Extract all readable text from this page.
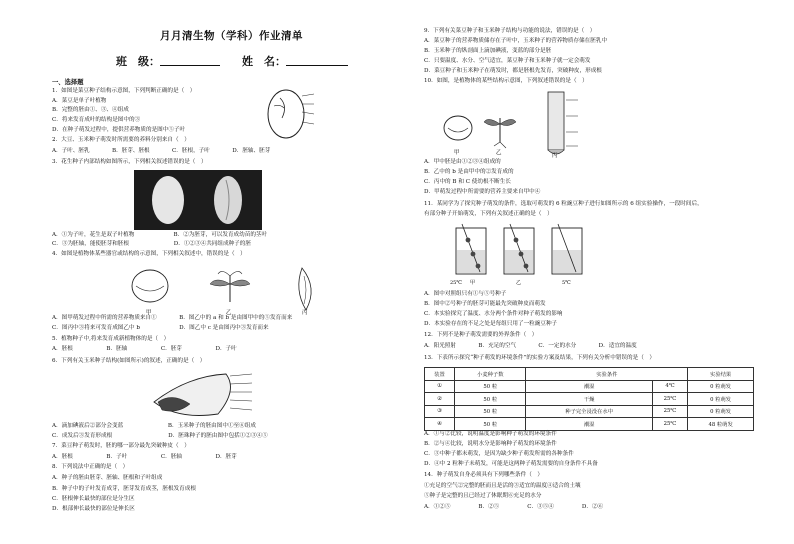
月月清生物（学科）作业清单
班　级：	姓　名：
一、选择题
1．如图是菜豆种子结构示意图，下列判断正确的是（　）
A．菜豆是单子叶植物
B．完整的胚由①、③、④组成
C．将来发育成叶的结构是图中的③
D．在种子萌发过程中，提供营养物质的是图中⑤子叶
2．大豆、玉米种子萌发时所需要的养料分别来自（　）
A．子叶、胚乳　　　　B．胚芽、胚根　　　　C．胚根，子叶　　　　D．胚轴、胚芽
3．花生种子内部结构如图所示，下列相关叙述错误的是（　）
A．①为子叶，花生是双子叶植物　　　　　　　B．②为胚芽，可以发育成幼苗的茎叶
C．③为胚轴，能使胚芽和胚根　　　　　　　　D．①②③④共同组成种子的胚
4．如图是植物体某些器官或结构的示意图，下列相关叙述中，错误的是（　）
A．图甲萌发过程中所需的营养物质来自①　　　　B．图乙中的 a 和 b 是由图甲中的⑤发育而来
C．图丙中③将来可发育成图乙中 b　　　　　　　D．图乙中 c 是由图丙中③发育而来
5．植物种子中,将来发育成新植物体的是（　）
A．胚根　　　　　　B．胚轴　　　　　　C．胚芽　　　　　　D．子叶
6．下列有关玉米种子结构(如图所示)的叙述，正确的是（　）
A．滴加碘液后②部分会变蓝　　　　　　　　B．玉米种子的胚由图中①至⑥组成
C．成发后③发育形成根　　　　　　　　　　D．胚珠种子的胚由图中包括①②③④⑤
7．菜豆种子萌发时，胚的哪一部分最先突破种皮（　）
A．胚根　　　　　　B．子叶　　　　　　C．胚轴　　　　　　D．胚芽
8．下列说法中正确的是（　）
A．种子的胚由胚芽、胚轴、胚根和子叶组成
B．种子中的子叶发育成芽，胚芽发育成茎，胚根发育成根
C．胚根伸长最快的部位是分生区
D．根部伸长最快的部位是伸长区
9．下列有关菜豆种子和玉米种子结构与功能的说法，错误的是（　）
A．菜豆种子的营养物质储存在子叶中，玉米种子的营养物质存储在胚乳中
B．玉米种子的纵剖面上滴加碘液，变蓝的部分是胚
C．只要温度、水分、空气适宜，菜豆种子和玉米种子就一定会萌发
D．菜豆种子和玉米种子在萌发时，都是胚根先发育，突破种皮，形成根
10．如图，是植物体的某些结构示意图，下列叙述错误的是（　）
A．甲中胚是由①②③④组成的
B．乙中的 b 是由甲中的②发育成的
C．丙中的 B 和 C 使幼根不断生长
D．甲萌发过程中所需要的营养主要来自甲中④
11．某同学为了探究种子萌发的条件，选取可萌发的 6 粒豌豆种子进行如图所示的 6 组实验操作，一段时间后，
有部分种子开始萌发，下列有关叙述正确的是（　）
A．图中对照组只有①与⑤号种子
B．图中②号种子的胚芽可能最先突破种皮而萌发
C．本实验探究了温度、水分两个条件对种子萌发的影响
D．本实验存在的不足之处是每组只用了一粒豌豆种子
12．下列不是种子萌发需要的外界条件（　）
A．阳光照射　　　　B．充足的空气　　　　C．一定的水分　　　　D．适宜的温度
13．下表所示探究“种子萌发的环境条件”的实验方案及结果，下列有关分析中错误的是（　）
A．①与②比较，说明温度是影响种子萌发的环境条件
B．②与④比较，说明水分是影响种子萌发的环境条件
C．③中种子都未萌发，是因为缺少种子萌发所需的各种条件
D．④中 2 粒种子未萌发，可能是这两种子萌发需要的自身条件不具备
14．种子萌发自身必须具有下列哪些条件（　）
①充足的空气②完整的胚而且是活的③适宜的温度④适合的土壤
⑤种子是完整的且已经过了休眠期⑥充足的水分
A．①②⑤　　　　　B．②⑤　　　　　C．③⑤④　　　　　D．②⑥
甲	乙	丙
25℃ 甲	乙	5℃
装置	小麦种子数	实验条件		实验结果
①	50 粒	潮湿	4℃	0 粒萌发
②	50 粒	干燥	25℃	0 粒萌发
③	50 粒	种子完全浸没在水中	25℃	0 粒萌发
④	50 粒	潮湿	25℃	48 粒萌发
甲	乙	丙
